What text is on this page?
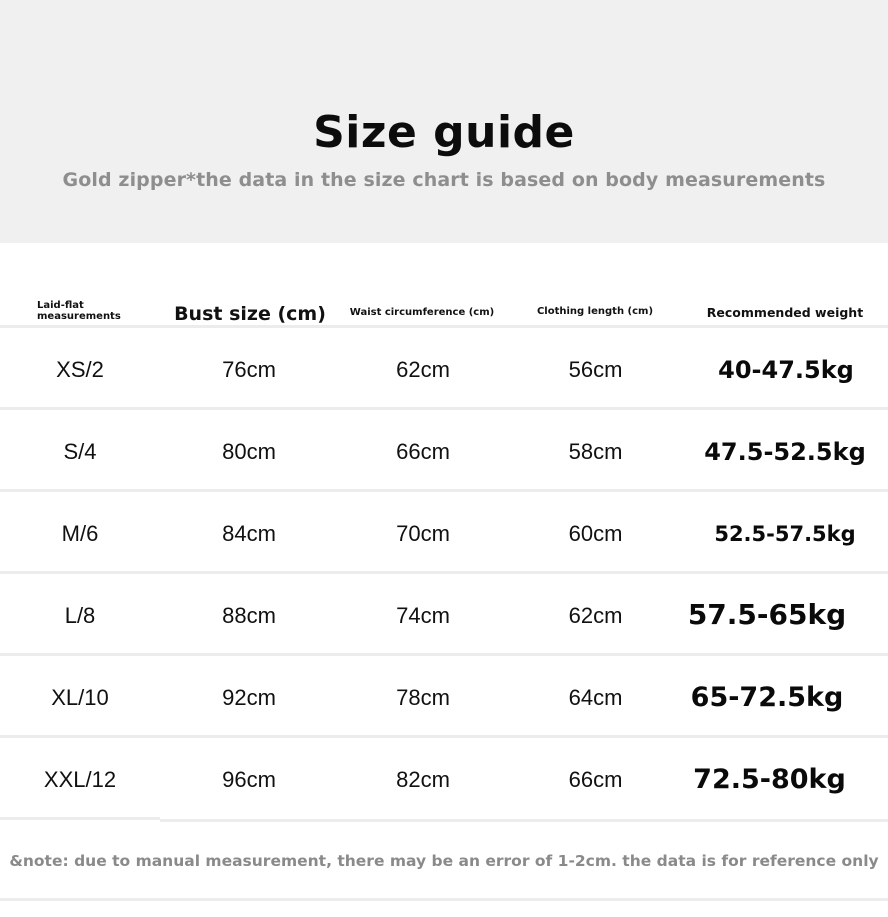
Size guide
Gold zipper*the data in the size chart is based on body measurements
Laid-flat measurements	Bust size (cm)	Waist circumference (cm)	Clothing length (cm)	Recommended weight
XS/2	76cm	62cm	56cm	40-47.5kg
S/4	80cm	66cm	58cm	47.5-52.5kg
M/6	84cm	70cm	60cm	52.5-57.5kg
L/8	88cm	74cm	62cm	57.5-65kg
XL/10	92cm	78cm	64cm	65-72.5kg
XXL/12	96cm	82cm	66cm	72.5-80kg
&note: due to manual measurement, there may be an error of 1-2cm. the data is for reference only
